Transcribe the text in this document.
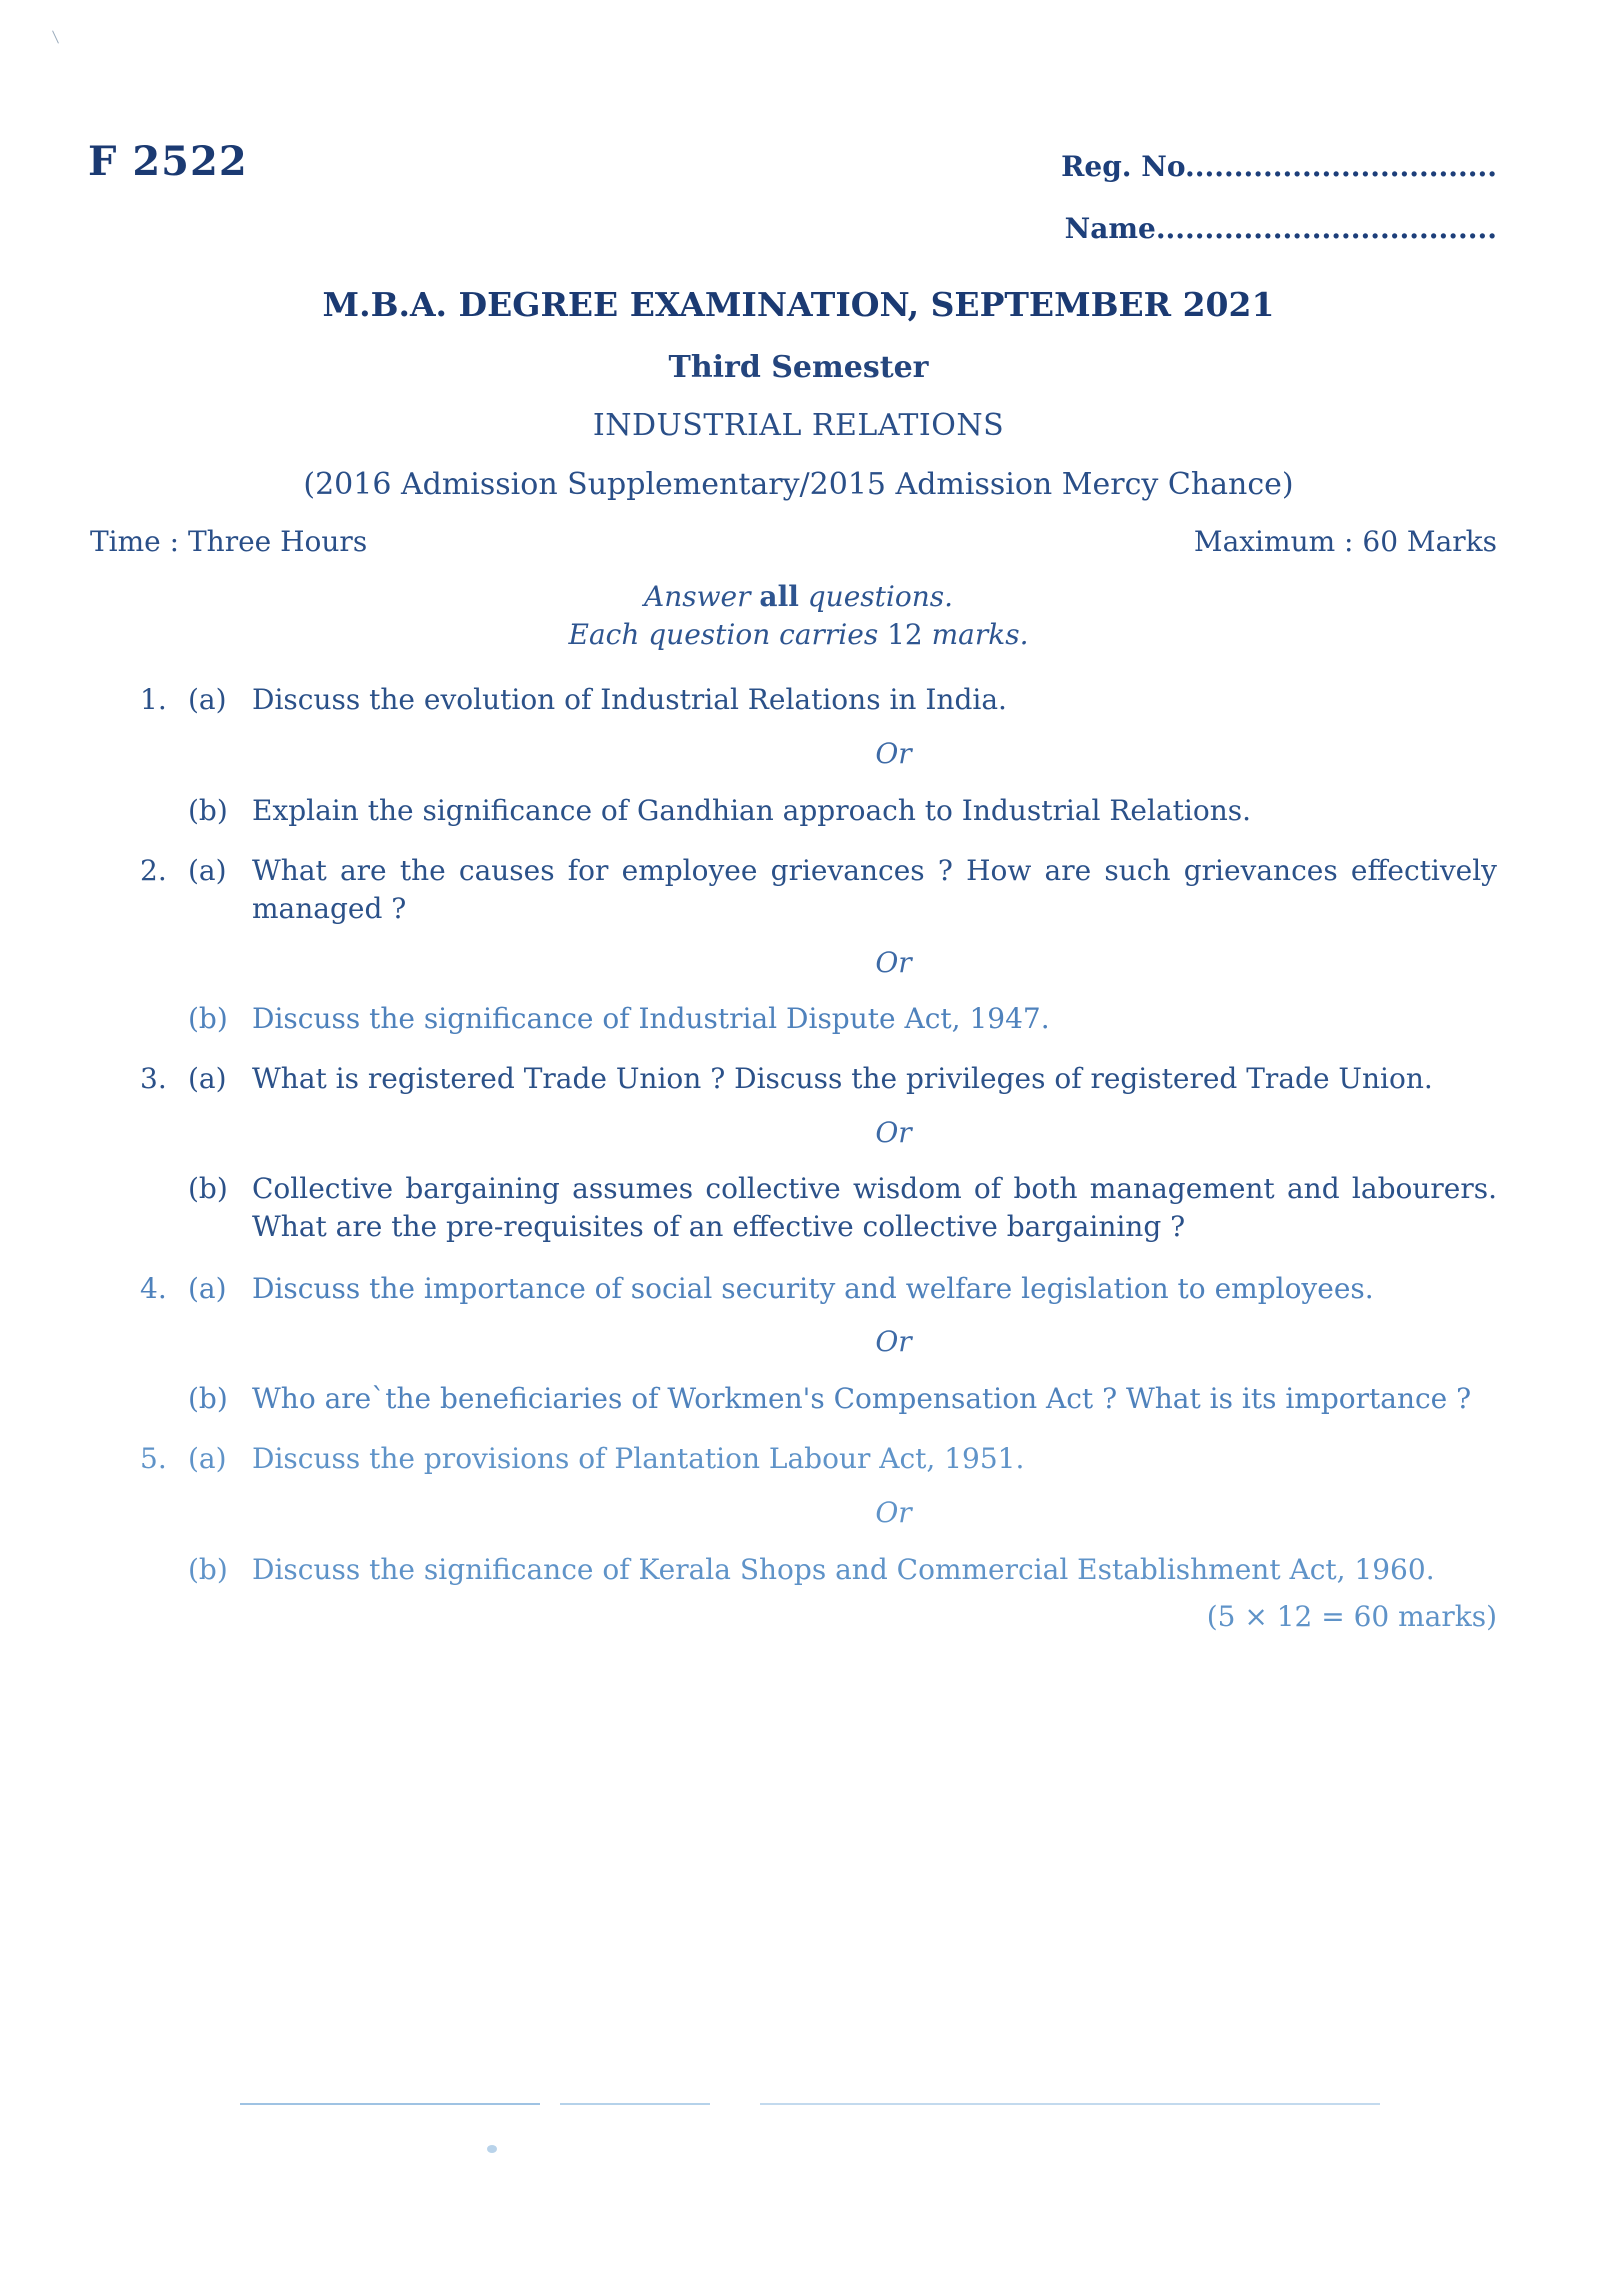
F 2522	Reg. No................................
Name...................................
M.B.A. DEGREE EXAMINATION, SEPTEMBER 2021
Third Semester
INDUSTRIAL RELATIONS
(2016 Admission Supplementary/2015 Admission Mercy Chance)
Time : Three Hours	Maximum : 60 Marks
Answer all questions.
Each question carries 12 marks.
1. (a) Discuss the evolution of Industrial Relations in India.
Or
(b) Explain the significance of Gandhian approach to Industrial Relations.
2. (a) What are the causes for employee grievances ? How are such grievances effectively managed ?
Or
(b) Discuss the significance of Industrial Dispute Act, 1947.
3. (a) What is registered Trade Union ? Discuss the privileges of registered Trade Union.
Or
(b) Collective bargaining assumes collective wisdom of both management and labourers. What are the pre-requisites of an effective collective bargaining ?
4. (a) Discuss the importance of social security and welfare legislation to employees.
Or
(b) Who are`the beneficiaries of Workmen's Compensation Act ? What is its importance ?
5. (a) Discuss the provisions of Plantation Labour Act, 1951.
Or
(b) Discuss the significance of Kerala Shops and Commercial Establishment Act, 1960.
(5 × 12 = 60 marks)
